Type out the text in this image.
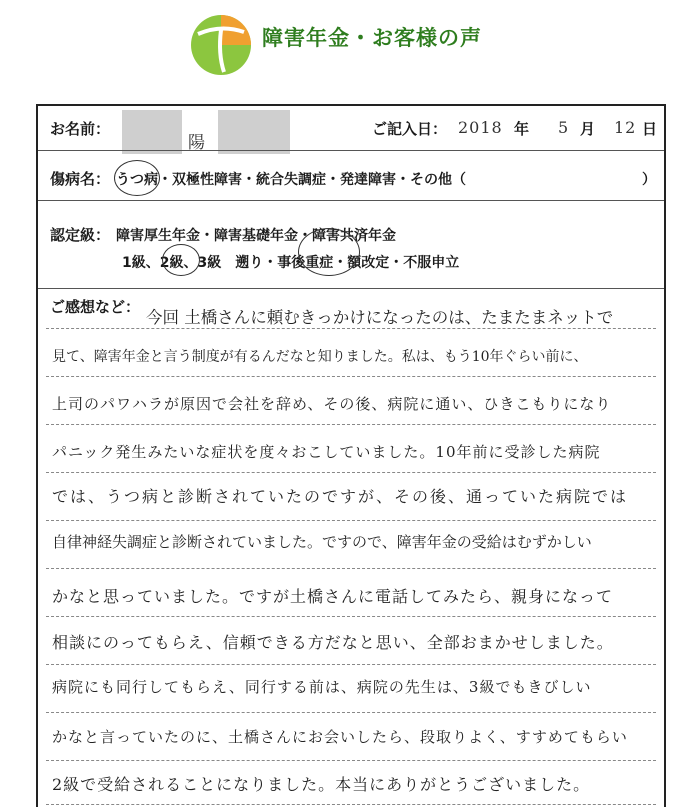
障害年金・お客様の声
お名前：
陽
ご記入日： 2018 年 5 月 12 日
傷病名： うつ病・双極性障害・統合失調症・発達障害・その他（	）
認定級： 障害厚生年金・障害基礎年金・障害共済年金
1級、2級、3級　遡り・事後重症・額改定・不服申立
ご感想など：
今回 土橋さんに頼むきっかけになったのは、たまたまネットで
見て、障害年金と言う制度が有るんだなと知りました。私は、もう10年ぐらい前に、
上司のパワハラが原因で会社を辞め、その後、病院に通い、ひきこもりになり
パニック発生みたいな症状を度々おこしていました。10年前に受診した病院
では、うつ病と診断されていたのですが、その後、通っていた病院では
自律神経失調症と診断されていました。ですので、障害年金の受給はむずかしい
かなと思っていました。ですが土橋さんに電話してみたら、親身になって
相談にのってもらえ、信頼できる方だなと思い、全部おまかせしました。
病院にも同行してもらえ、同行する前は、病院の先生は、3級でもきびしい
かなと言っていたのに、土橋さんにお会いしたら、段取りよく、すすめてもらい
2級で受給されることになりました。本当にありがとうございました。
